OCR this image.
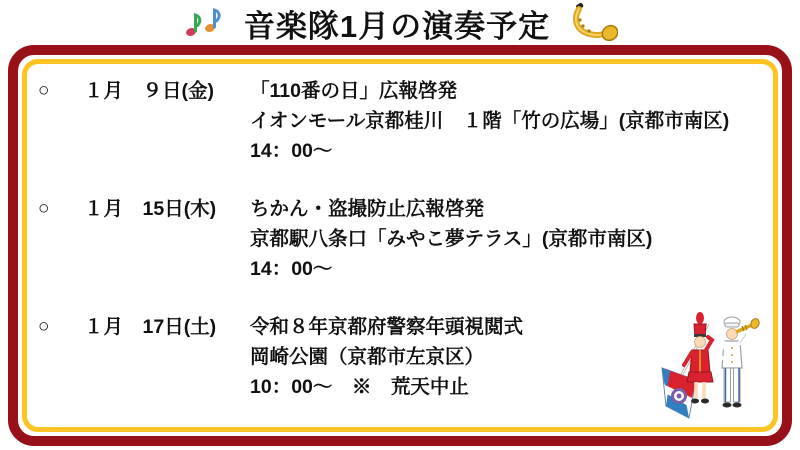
音楽隊1月の演奏予定
○ １月　９日(金) 「110番の日」広報啓発
イオンモール京都桂川　１階「竹の広場」(京都市南区)
14：00～
○ １月　15日(木) ちかん・盗撮防止広報啓発
京都駅八条口「みやこ夢テラス」(京都市南区)
14：00～
○ １月　17日(土) 令和８年京都府警察年頭視閲式
岡崎公園（京都市左京区）
10：00～　※　荒天中止
